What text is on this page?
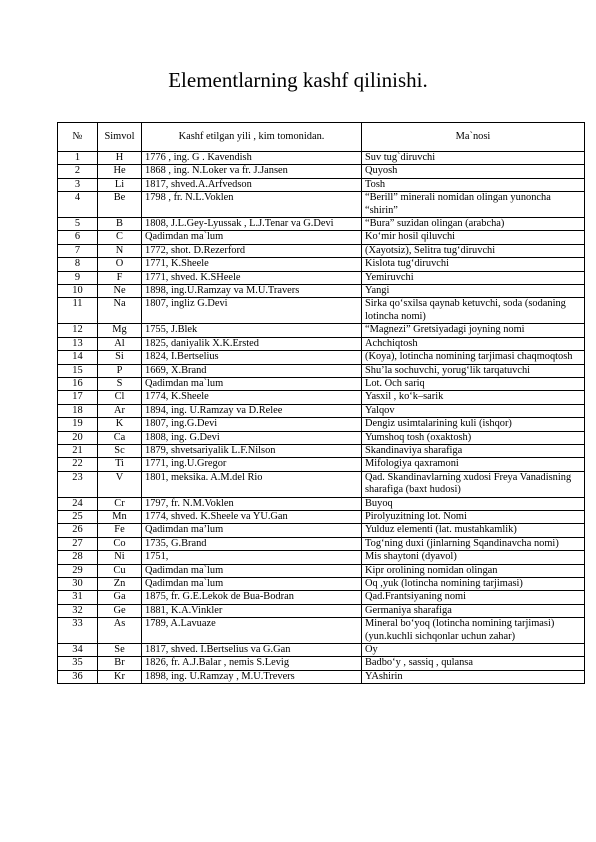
Elementlarning kashf qilinishi.
№	Simvol	Kashf etilgan yili , kim tomonidan.	Ma`nosi
1	H	1776 , ing. G . Kavendish	Suv tug`diruvchi
2	He	1868 , ing. N.Loker va fr. J.Jansen	Quyosh
3	Li	1817, shved.A.Arfvedson	Tosh
4	Be	1798 , fr. N.L.Voklen	“Berill” minerali nomidan olingan yunoncha “shirin”
5	B	1808, J.L.Gey-Lyussak , L.J.Tenar va G.Devi	“Bura” suzidan olingan (arabcha)
6	C	Qadimdan ma`lum	Ko‘mir hosil qiluvchi
7	N	1772, shot. D.Rezerford	(Xayotsiz), Selitra tug‘diruvchi
8	O	1771, K.Sheele	Kislota tug‘diruvchi
9	F	1771, shved. K.SHeele	Yemiruvchi
10	Ne	1898, ing.U.Ramzay va M.U.Travers	Yangi
11	Na	1807, ingliz G.Devi	Sirka qo‘sxilsa qaynab ketuvchi, soda (sodaning lotincha nomi)
12	Mg	1755, J.Blek	“Magnezi” Gretsiyadagi joyning nomi
13	Al	1825, daniyalik X.K.Ersted	Achchiqtosh
14	Si	1824, I.Bertselius	(Koya), lotincha nomining tarjimasi chaqmoqtosh
15	P	1669, X.Brand	Shu’la sochuvchi, yorug‘lik tarqatuvchi
16	S	Qadimdan ma`lum	Lot. Och sariq
17	Cl	1774, K.Sheele	Yasxil , ko‘k–sarik
18	Ar	1894, ing. U.Ramzay va D.Relee	Yalqov
19	K	1807, ing.G.Devi	Dengiz usimtalarining kuli (ishqor)
20	Ca	1808, ing. G.Devi	Yumshoq tosh (oxaktosh)
21	Sc	1879, shvetsariyalik L.F.Nilson	Skandinaviya sharafiga
22	Ti	1771, ing.U.Gregor	Mifologiya qaxramoni
23	V	1801, meksika. A.M.del Rio	Qad. Skandinavlarning xudosi Freya Vanadisning sharafiga (baxt hudosi)
24	Cr	1797, fr. N.M.Voklen	Buyoq
25	Mn	1774, shved. K.Sheele va YU.Gan	Pirolyuzitning lot. Nomi
26	Fe	Qadimdan ma’lum	Yulduz elementi (lat. mustahkamlik)
27	Co	1735, G.Brand	Tog‘ning duxi (jinlarning Sqandinavcha nomi)
28	Ni	1751,	Mis shaytoni (dyavol)
29	Cu	Qadimdan ma`lum	Kipr orolining nomidan olingan
30	Zn	Qadimdan ma`lum	Oq ,yuk (lotincha nomining tarjimasi)
31	Ga	1875, fr. G.E.Lekok de Bua-Bodran	Qad.Frantsiyaning nomi
32	Ge	1881, K.A.Vinkler	Germaniya sharafiga
33	As	1789, A.Lavuaze	Mineral bo‘yoq (lotincha nomining tarjimasi)(yun.kuchli sichqonlar uchun zahar)
34	Se	1817, shved. I.Bertselius va G.Gan	Oy
35	Br	1826, fr. A.J.Balar , nemis S.Levig	Badbo‘y , sassiq , qulansa
36	Kr	1898, ing. U.Ramzay , M.U.Trevers	YAshirin
